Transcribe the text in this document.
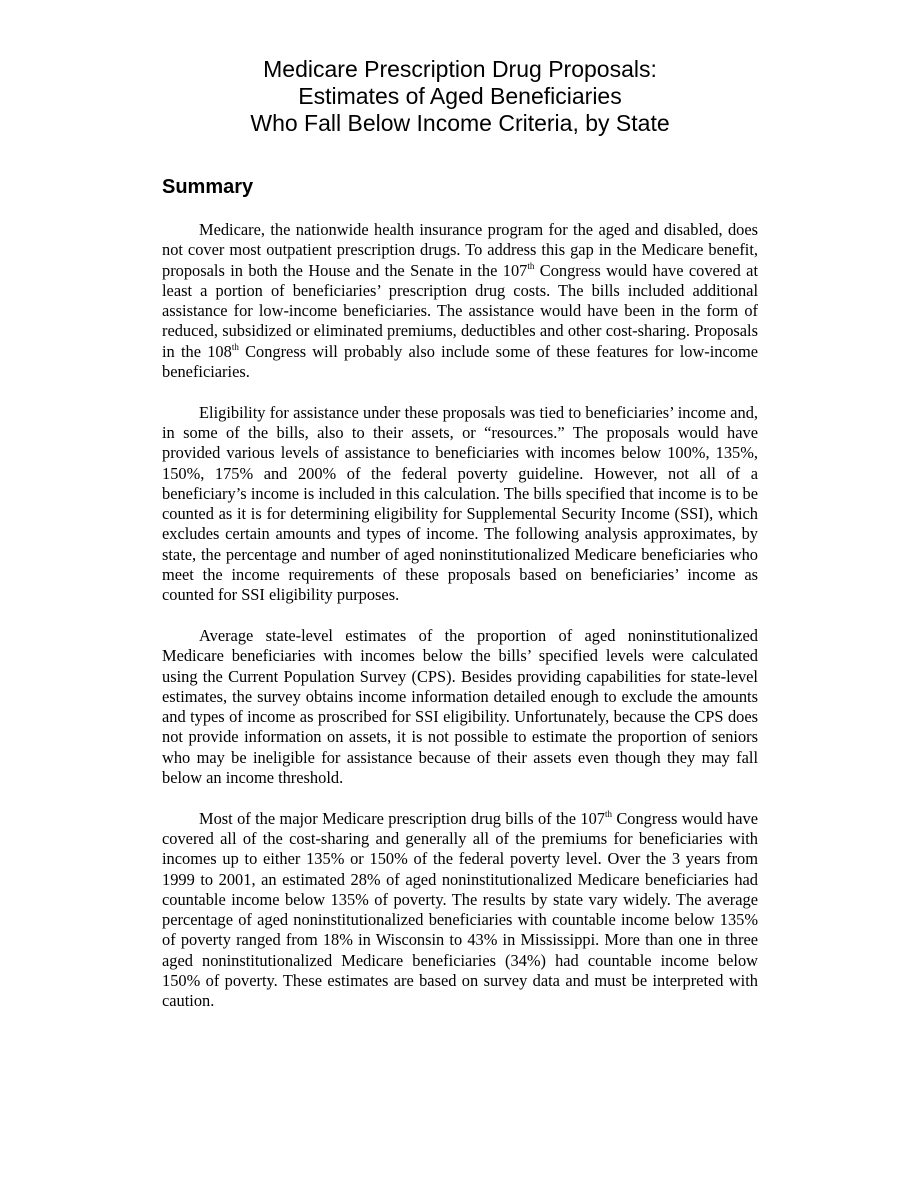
Medicare Prescription Drug Proposals:
Estimates of Aged Beneficiaries
Who Fall Below Income Criteria, by State
Summary

Medicare, the nationwide health insurance program for the aged and disabled, does not cover most outpatient prescription drugs. To address this gap in the Medicare benefit, proposals in both the House and the Senate in the 107th Congress would have covered at least a portion of beneficiaries’ prescription drug costs. The bills included additional assistance for low-income beneficiaries. The assistance would have been in the form of reduced, subsidized or eliminated premiums, deductibles and other cost-sharing. Proposals in the 108th Congress will probably also include some of these features for low-income beneficiaries.

Eligibility for assistance under these proposals was tied to beneficiaries’ income and, in some of the bills, also to their assets, or “resources.” The proposals would have provided various levels of assistance to beneficiaries with incomes below 100%, 135%, 150%, 175% and 200% of the federal poverty guideline. However, not all of a beneficiary’s income is included in this calculation. The bills specified that income is to be counted as it is for determining eligibility for Supplemental Security Income (SSI), which excludes certain amounts and types of income. The following analysis approximates, by state, the percentage and number of aged noninstitutionalized Medicare beneficiaries who meet the income requirements of these proposals based on beneficiaries’ income as counted for SSI eligibility purposes.

Average state-level estimates of the proportion of aged noninstitutionalized Medicare beneficiaries with incomes below the bills’ specified levels were calculated using the Current Population Survey (CPS). Besides providing capabilities for state-level estimates, the survey obtains income information detailed enough to exclude the amounts and types of income as proscribed for SSI eligibility. Unfortunately, because the CPS does not provide information on assets, it is not possible to estimate the proportion of seniors who may be ineligible for assistance because of their assets even though they may fall below an income threshold.

Most of the major Medicare prescription drug bills of the 107th Congress would have covered all of the cost-sharing and generally all of the premiums for beneficiaries with incomes up to either 135% or 150% of the federal poverty level. Over the 3 years from 1999 to 2001, an estimated 28% of aged noninstitutionalized Medicare beneficiaries had countable income below 135% of poverty. The results by state vary widely. The average percentage of aged noninstitutionalized beneficiaries with countable income below 135% of poverty ranged from 18% in Wisconsin to 43% in Mississippi. More than one in three aged noninstitutionalized Medicare beneficiaries (34%) had countable income below 150% of poverty. These estimates are based on survey data and must be interpreted with caution.
